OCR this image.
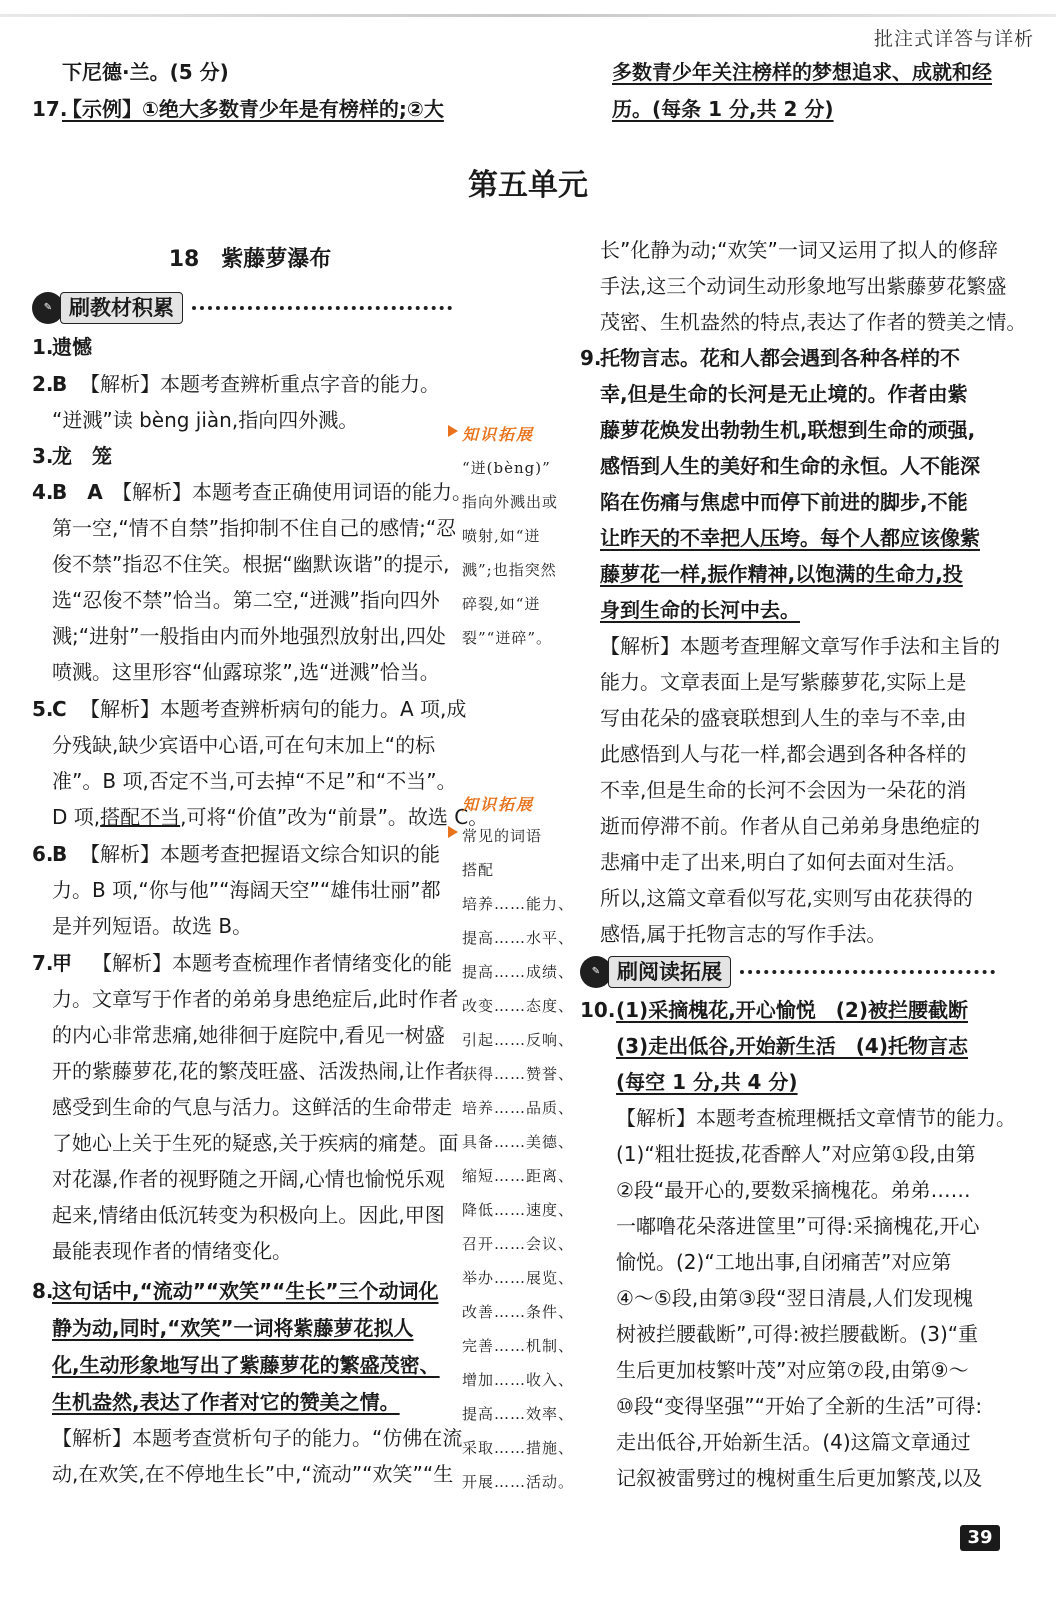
批注式详答与详析
下尼德·兰。(5 分)
17.
【示例】①绝大多数青少年是有榜样的;②大
多数青少年关注榜样的梦想追求、成就和经
历。(每条 1 分,共 2 分)
第五单元
18　紫藤萝瀑布
✎ 刷教材积累
1.
遗憾
2.
B 【解析】本题考查辨析重点字音的能力。
“迸溅”读 bèng jiàn,指向四外溅。
3.
龙　笼
4.
B　A 【解析】本题考查正确使用词语的能力。
第一空,“情不自禁”指抑制不住自己的感情;“忍
俊不禁”指忍不住笑。根据“幽默诙谐”的提示,
选“忍俊不禁”恰当。第二空,“迸溅”指向四外
溅;“进射”一般指由内而外地强烈放射出,四处
喷溅。这里形容“仙露琼浆”,选“迸溅”恰当。
5.
C 【解析】本题考查辨析病句的能力。A 项,成
分残缺,缺少宾语中心语,可在句末加上“的标
准”。B 项,否定不当,可去掉“不足”和“不当”。
D 项,搭配不当,可将“价值”改为“前景”。故选 C。
6.
B 【解析】本题考查把握语文综合知识的能
力。B 项,“你与他”“海阔天空”“雄伟壮丽”都
是并列短语。故选 B。
7.
甲 【解析】本题考查梳理作者情绪变化的能
力。文章写于作者的弟弟身患绝症后,此时作者
的内心非常悲痛,她徘徊于庭院中,看见一树盛
开的紫藤萝花,花的繁茂旺盛、活泼热闹,让作者
感受到生命的气息与活力。这鲜活的生命带走
了她心上关于生死的疑惑,关于疾病的痛楚。面
对花瀑,作者的视野随之开阔,心情也愉悦乐观
起来,情绪由低沉转变为积极向上。因此,甲图
最能表现作者的情绪变化。
8.
这句话中,“流动”“欢笑”“生长”三个动词化
静为动,同时,“欢笑”一词将紫藤萝花拟人
化,生动形象地写出了紫藤萝花的繁盛茂密、
生机盎然,表达了作者对它的赞美之情。
【解析】本题考查赏析句子的能力。“仿佛在流
动,在欢笑,在不停地生长”中,“流动”“欢笑”“生
知识拓展
“迸(bèng)”
指向外溅出或
喷射,如“迸
溅”;也指突然
碎裂,如“迸
裂”“迸碎”。
知识拓展
常见的词语
搭配
培养……能力、
提高……水平、
提高……成绩、
改变……态度、
引起……反响、
获得……赞誉、
培养……品质、
具备……美德、
缩短……距离、
降低……速度、
召开……会议、
举办……展览、
改善……条件、
完善……机制、
增加……收入、
提高……效率、
采取……措施、
开展……活动。
长”化静为动;“欢笑”一词又运用了拟人的修辞
手法,这三个动词生动形象地写出紫藤萝花繁盛
茂密、生机盎然的特点,表达了作者的赞美之情。
9.
托物言志。花和人都会遇到各种各样的不
幸,但是生命的长河是无止境的。作者由紫
藤萝花焕发出勃勃生机,联想到生命的顽强,
感悟到人生的美好和生命的永恒。人不能深
陷在伤痛与焦虑中而停下前进的脚步,不能
让昨天的不幸把人压垮。每个人都应该像紫
藤萝花一样,振作精神,以饱满的生命力,投
身到生命的长河中去。
【解析】本题考查理解文章写作手法和主旨的
能力。文章表面上是写紫藤萝花,实际上是
写由花朵的盛衰联想到人生的幸与不幸,由
此感悟到人与花一样,都会遇到各种各样的
不幸,但是生命的长河不会因为一朵花的消
逝而停滞不前。作者从自己弟弟身患绝症的
悲痛中走了出来,明白了如何去面对生活。
所以,这篇文章看似写花,实则写由花获得的
感悟,属于托物言志的写作手法。
✎ 刷阅读拓展
10. (1)采摘槐花,开心愉悦　(2)被拦腰截断
(3)走出低谷,开始新生活　(4)托物言志
(每空 1 分,共 4 分)
【解析】本题考查梳理概括文章情节的能力。
(1)“粗壮挺拔,花香醉人”对应第①段,由第
②段“最开心的,要数采摘槐花。弟弟……
一嘟噜花朵落进筐里”可得:采摘槐花,开心
愉悦。(2)“工地出事,自闭痛苦”对应第
④～⑤段,由第③段“翌日清晨,人们发现槐
树被拦腰截断”,可得:被拦腰截断。(3)“重
生后更加枝繁叶茂”对应第⑦段,由第⑨～
⑩段“变得坚强”“开始了全新的生活”可得:
走出低谷,开始新生活。(4)这篇文章通过
记叙被雷劈过的槐树重生后更加繁茂,以及
39
